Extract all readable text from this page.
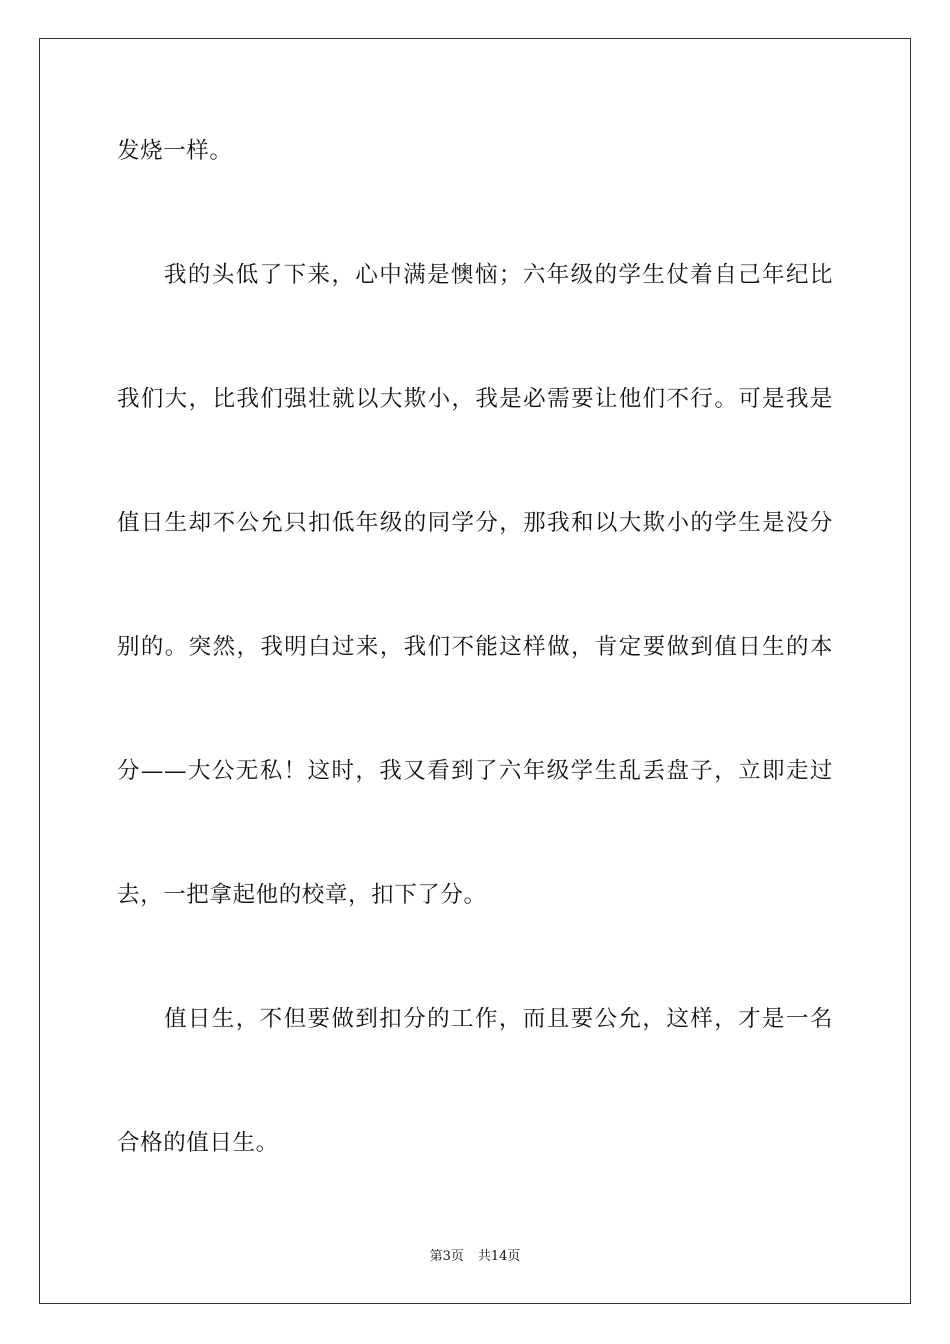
发烧一样。
我的头低了下来，心中满是懊恼；六年级的学生仗着自己年纪比
我们大，比我们强壮就以大欺小，我是必需要让他们不行。可是我是
值日生却不公允只扣低年级的同学分，那我和以大欺小的学生是没分
别的。突然，我明白过来，我们不能这样做，肯定要做到值日生的本
分——大公无私！这时，我又看到了六年级学生乱丢盘子，立即走过
去，一把拿起他的校章，扣下了分。
值日生，不但要做到扣分的工作，而且要公允，这样，才是一名
合格的值日生。
第3页 共14页
